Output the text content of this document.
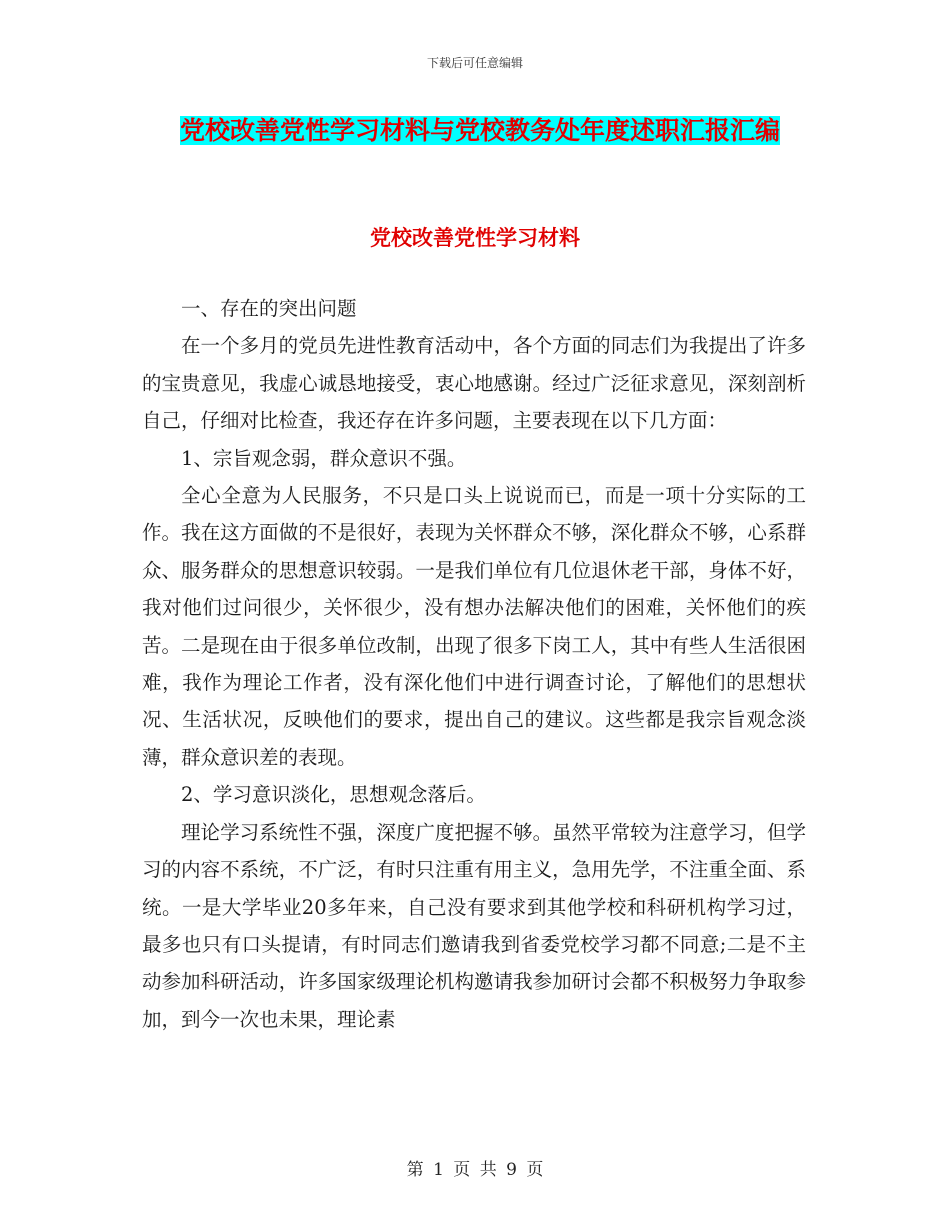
下载后可任意编辑
党校改善党性学习材料与党校教务处年度述职汇报汇编
党校改善党性学习材料

一、存在的突出问题

在一个多月的党员先进性教育活动中，各个方面的同志们为我提出了许多的宝贵意见，我虚心诚恳地接受，衷心地感谢。经过广泛征求意见，深刻剖析自己，仔细对比检查，我还存在许多问题，主要表现在以下几方面：

1、宗旨观念弱，群众意识不强。

全心全意为人民服务，不只是口头上说说而已，而是一项十分实际的工作。我在这方面做的不是很好，表现为关怀群众不够，深化群众不够，心系群众、服务群众的思想意识较弱。一是我们单位有几位退休老干部，身体不好，我对他们过问很少，关怀很少，没有想办法解决他们的困难，关怀他们的疾苦。二是现在由于很多单位改制，出现了很多下岗工人，其中有些人生活很困难，我作为理论工作者，没有深化他们中进行调查讨论，了解他们的思想状况、生活状况，反映他们的要求，提出自己的建议。这些都是我宗旨观念淡薄，群众意识差的表现。

2、学习意识淡化，思想观念落后。

理论学习系统性不强，深度广度把握不够。虽然平常较为注意学习，但学习的内容不系统，不广泛，有时只注重有用主义，急用先学，不注重全面、系统。一是大学毕业20多年来，自己没有要求到其他学校和科研机构学习过，最多也只有口头提请，有时同志们邀请我到省委党校学习都不同意;二是不主动参加科研活动，许多国家级理论机构邀请我参加研讨会都不积极努力争取参加，到今一次也未果，理论素

第 1 页 共 9 页
